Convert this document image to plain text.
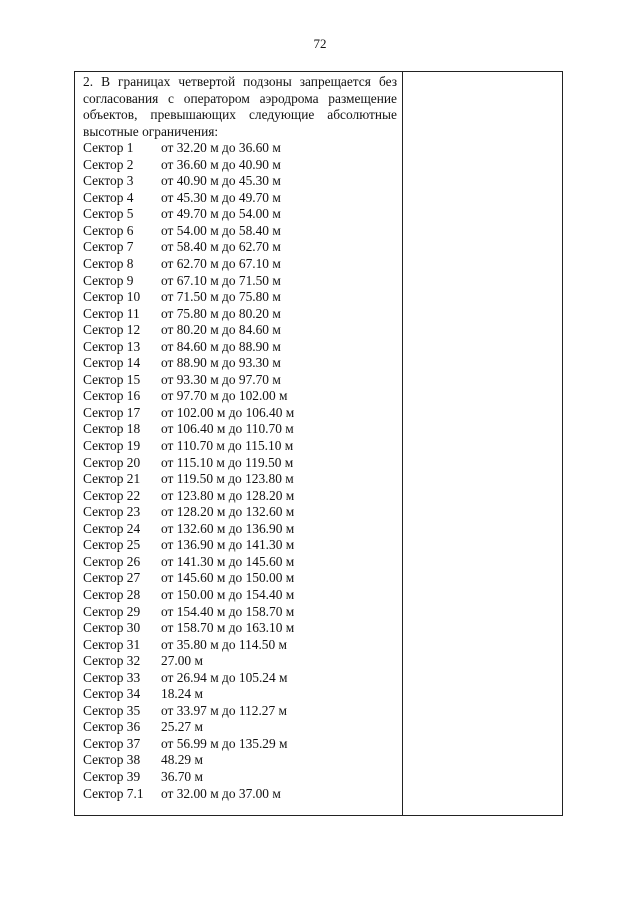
72

2. В границах четвертой подзоны запрещается без согласования с оператором аэродрома размещение объектов, превышающих следующие абсолютные высотные ограничения:

Сектор 1	от 32.20 м до 36.60 м
Сектор 2	от 36.60 м до 40.90 м
Сектор 3	от 40.90 м до 45.30 м
Сектор 4	от 45.30 м до 49.70 м
Сектор 5	от 49.70 м до 54.00 м
Сектор 6	от 54.00 м до 58.40 м
Сектор 7	от 58.40 м до 62.70 м
Сектор 8	от 62.70 м до 67.10 м
Сектор 9	от 67.10 м до 71.50 м
Сектор 10	от 71.50 м до 75.80 м
Сектор 11	от 75.80 м до 80.20 м
Сектор 12	от 80.20 м до 84.60 м
Сектор 13	от 84.60 м до 88.90 м
Сектор 14	от 88.90 м до 93.30 м
Сектор 15	от 93.30 м до 97.70 м
Сектор 16	от 97.70 м до 102.00 м
Сектор 17	от 102.00 м до 106.40 м
Сектор 18	от 106.40 м до 110.70 м
Сектор 19	от 110.70 м до 115.10 м
Сектор 20	от 115.10 м до 119.50 м
Сектор 21	от 119.50 м до 123.80 м
Сектор 22	от 123.80 м до 128.20 м
Сектор 23	от 128.20 м до 132.60 м
Сектор 24	от 132.60 м до 136.90 м
Сектор 25	от 136.90 м до 141.30 м
Сектор 26	от 141.30 м до 145.60 м
Сектор 27	от 145.60 м до 150.00 м
Сектор 28	от 150.00 м до 154.40 м
Сектор 29	от 154.40 м до 158.70 м
Сектор 30	от 158.70 м до 163.10 м
Сектор 31	от 35.80 м до 114.50 м
Сектор 32	27.00 м
Сектор 33	от 26.94 м до 105.24 м
Сектор 34	18.24 м
Сектор 35	от 33.97 м до 112.27 м
Сектор 36	25.27 м
Сектор 37	от 56.99 м до 135.29 м
Сектор 38	48.29 м
Сектор 39	36.70 м
Сектор 7.1	от 32.00 м до 37.00 м
